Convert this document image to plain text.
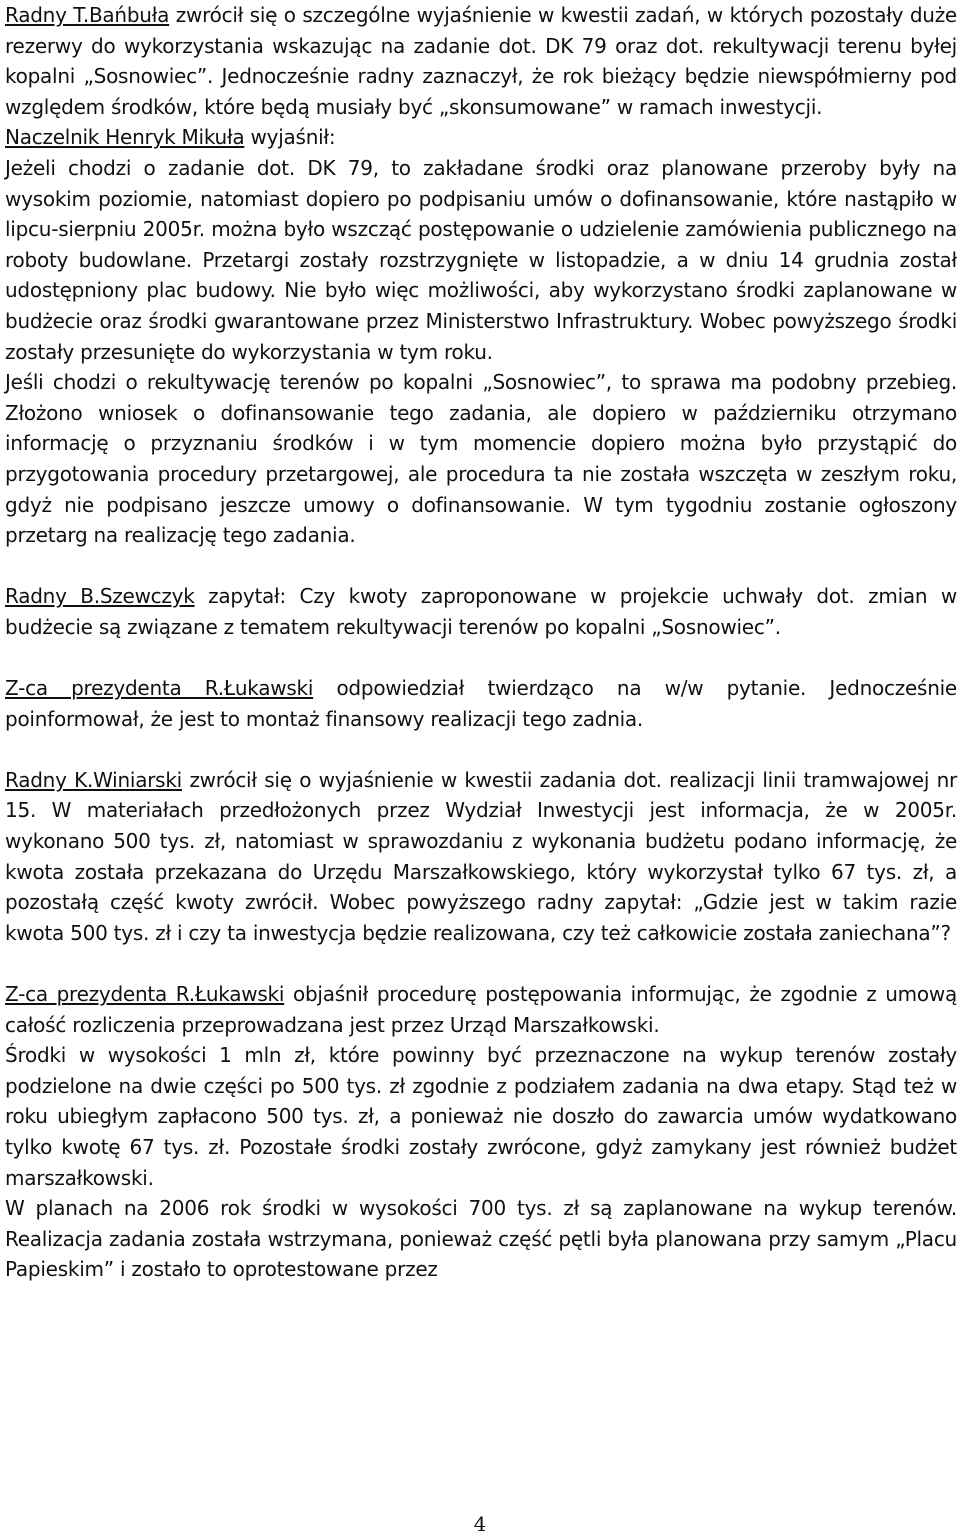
Radny T.Bańbuła zwrócił się o szczególne wyjaśnienie w kwestii zadań, w których pozostały duże rezerwy do wykorzystania wskazując na zadanie dot. DK 79 oraz dot. rekultywacji terenu byłej kopalni „Sosnowiec”. Jednocześnie radny zaznaczył, że rok bieżący będzie niewspółmierny pod względem środków, które będą musiały być „skonsumowane” w ramach inwestycji.

Naczelnik Henryk Mikuła wyjaśnił:

Jeżeli chodzi o zadanie dot. DK 79, to zakładane środki oraz planowane przeroby były na wysokim poziomie, natomiast dopiero po podpisaniu umów o dofinansowanie, które nastąpiło w lipcu-sierpniu 2005r. można było wszcząć postępowanie o udzielenie zamówienia publicznego na roboty budowlane. Przetargi zostały rozstrzygnięte w listopadzie, a w dniu 14 grudnia został udostępniony plac budowy. Nie było więc możliwości, aby wykorzystano środki zaplanowane w budżecie oraz środki gwarantowane przez Ministerstwo Infrastruktury. Wobec powyższego środki zostały przesunięte do wykorzystania w tym roku.

Jeśli chodzi o rekultywację terenów po kopalni „Sosnowiec”, to sprawa ma podobny przebieg. Złożono wniosek o dofinansowanie tego zadania, ale dopiero w październiku otrzymano informację o przyznaniu środków i w tym momencie dopiero można było przystąpić do przygotowania procedury przetargowej, ale procedura ta nie została wszczęta w zeszłym roku, gdyż nie podpisano jeszcze umowy o dofinansowanie. W tym tygodniu zostanie ogłoszony przetarg na realizację tego zadania.

Radny B.Szewczyk zapytał: Czy kwoty zaproponowane w projekcie uchwały dot. zmian w budżecie są związane z tematem rekultywacji terenów po kopalni „Sosnowiec”.

Z-ca prezydenta R.Łukawski odpowiedział twierdząco na w/w pytanie. Jednocześnie poinformował, że jest to montaż finansowy realizacji tego zadnia.

Radny K.Winiarski zwrócił się o wyjaśnienie w kwestii zadania dot. realizacji linii tramwajowej nr 15. W materiałach przedłożonych przez Wydział Inwestycji jest informacja, że w 2005r. wykonano 500 tys. zł, natomiast w sprawozdaniu z wykonania budżetu podano informację, że kwota została przekazana do Urzędu Marszałkowskiego, który wykorzystał tylko 67 tys. zł, a pozostałą część kwoty zwrócił. Wobec powyższego radny zapytał: „Gdzie jest w takim razie kwota 500 tys. zł i czy ta inwestycja będzie realizowana, czy też całkowicie została zaniechana”?

Z-ca prezydenta R.Łukawski objaśnił procedurę postępowania informując, że zgodnie z umową całość rozliczenia przeprowadzana jest przez Urząd Marszałkowski.

Środki w wysokości 1 mln zł, które powinny być przeznaczone na wykup terenów zostały podzielone na dwie części po 500 tys. zł zgodnie z podziałem zadania na dwa etapy. Stąd też w roku ubiegłym zapłacono 500 tys. zł, a ponieważ nie doszło do zawarcia umów wydatkowano tylko kwotę 67 tys. zł. Pozostałe środki zostały zwrócone, gdyż zamykany jest również budżet marszałkowski.

W planach na 2006 rok środki w wysokości 700 tys. zł są zaplanowane na wykup terenów. Realizacja zadania została wstrzymana, ponieważ część pętli była planowana przy samym „Placu Papieskim” i zostało to oprotestowane przez

4
